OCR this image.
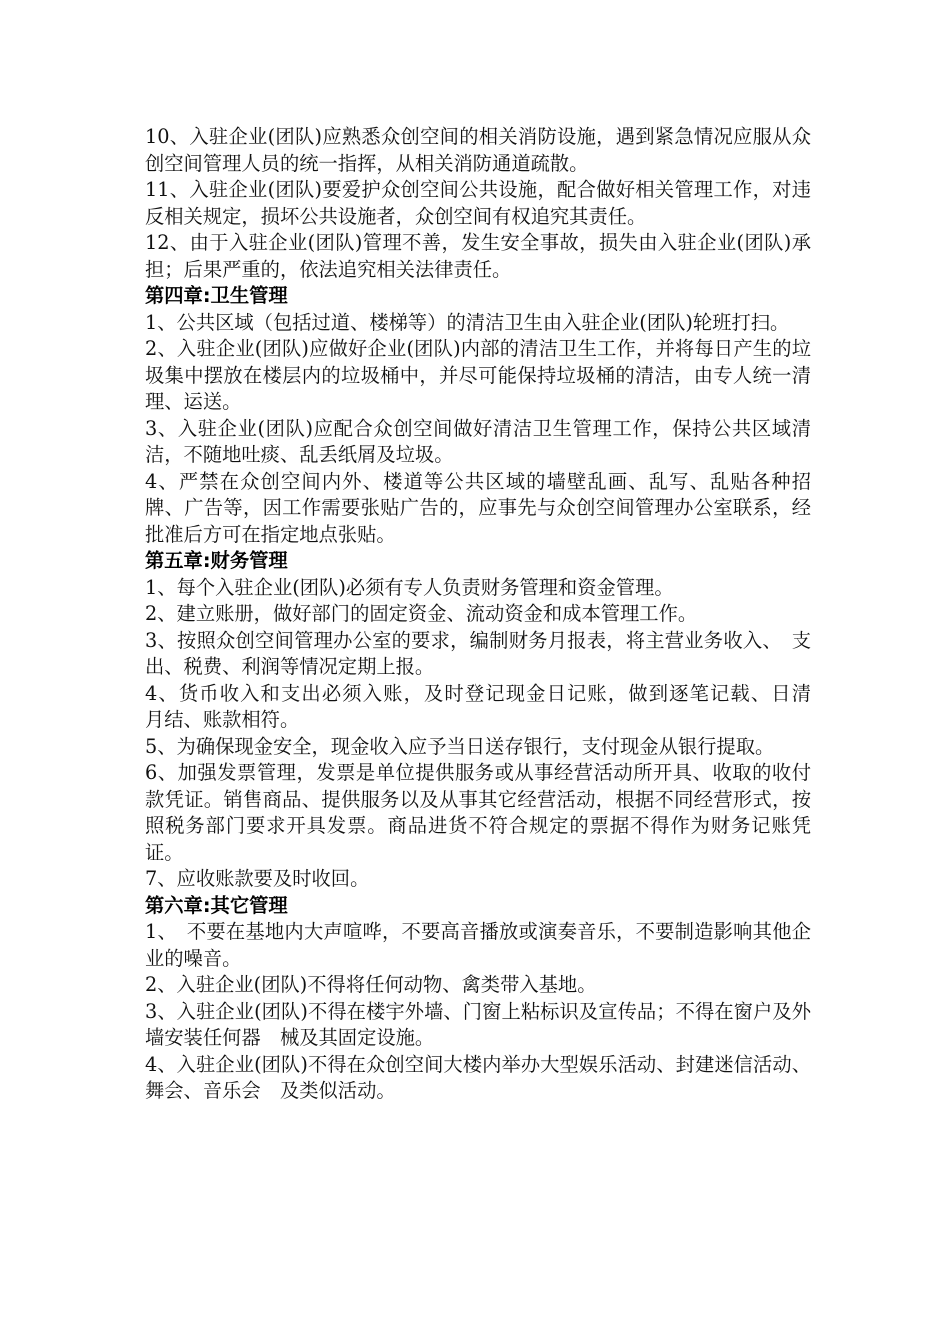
10、入驻企业(团队)应熟悉众创空间的相关消防设施，遇到紧急情况应服从众创空间管理人员的统一指挥，从相关消防通道疏散。

11、入驻企业(团队)要爱护众创空间公共设施，配合做好相关管理工作，对违反相关规定，损坏公共设施者，众创空间有权追究其责任。

12、由于入驻企业(团队)管理不善，发生安全事故，损失由入驻企业(团队)承担；后果严重的，依法追究相关法律责任。

第四章:卫生管理

1、公共区域（包括过道、楼梯等）的清洁卫生由入驻企业(团队)轮班打扫。

2、入驻企业(团队)应做好企业(团队)内部的清洁卫生工作，并将每日产生的垃圾集中摆放在楼层内的垃圾桶中，并尽可能保持垃圾桶的清洁，由专人统一清理、运送。

3、入驻企业(团队)应配合众创空间做好清洁卫生管理工作，保持公共区域清洁，不随地吐痰、乱丢纸屑及垃圾。

4、严禁在众创空间内外、楼道等公共区域的墙壁乱画、乱写、乱贴各种招牌、广告等，因工作需要张贴广告的，应事先与众创空间管理办公室联系，经批准后方可在指定地点张贴。

第五章:财务管理

1、每个入驻企业(团队)必须有专人负责财务管理和资金管理。

2、建立账册，做好部门的固定资金、流动资金和成本管理工作。

3、按照众创空间管理办公室的要求，编制财务月报表，将主营业务收入、　支出、税费、利润等情况定期上报。

4、货币收入和支出必须入账，及时登记现金日记账，做到逐笔记载、日清　月结、账款相符。

5、为确保现金安全，现金收入应予当日送存银行，支付现金从银行提取。

6、加强发票管理，发票是单位提供服务或从事经营活动所开具、收取的收付款凭证。销售商品、提供服务以及从事其它经营活动，根据不同经营形式，按照税务部门要求开具发票。商品进货不符合规定的票据不得作为财务记账凭证。

7、应收账款要及时收回。

第六章:其它管理

1、　不要在基地内大声喧哗，不要高音播放或演奏音乐，不要制造影响其他企业的噪音。

2、入驻企业(团队)不得将任何动物、禽类带入基地。

3、入驻企业(团队)不得在楼宇外墙、门窗上粘标识及宣传品；不得在窗户及外墙安装任何器　械及其固定设施。

4、入驻企业(团队)不得在众创空间大楼内举办大型娱乐活动、封建迷信活动、舞会、音乐会　及类似活动。
